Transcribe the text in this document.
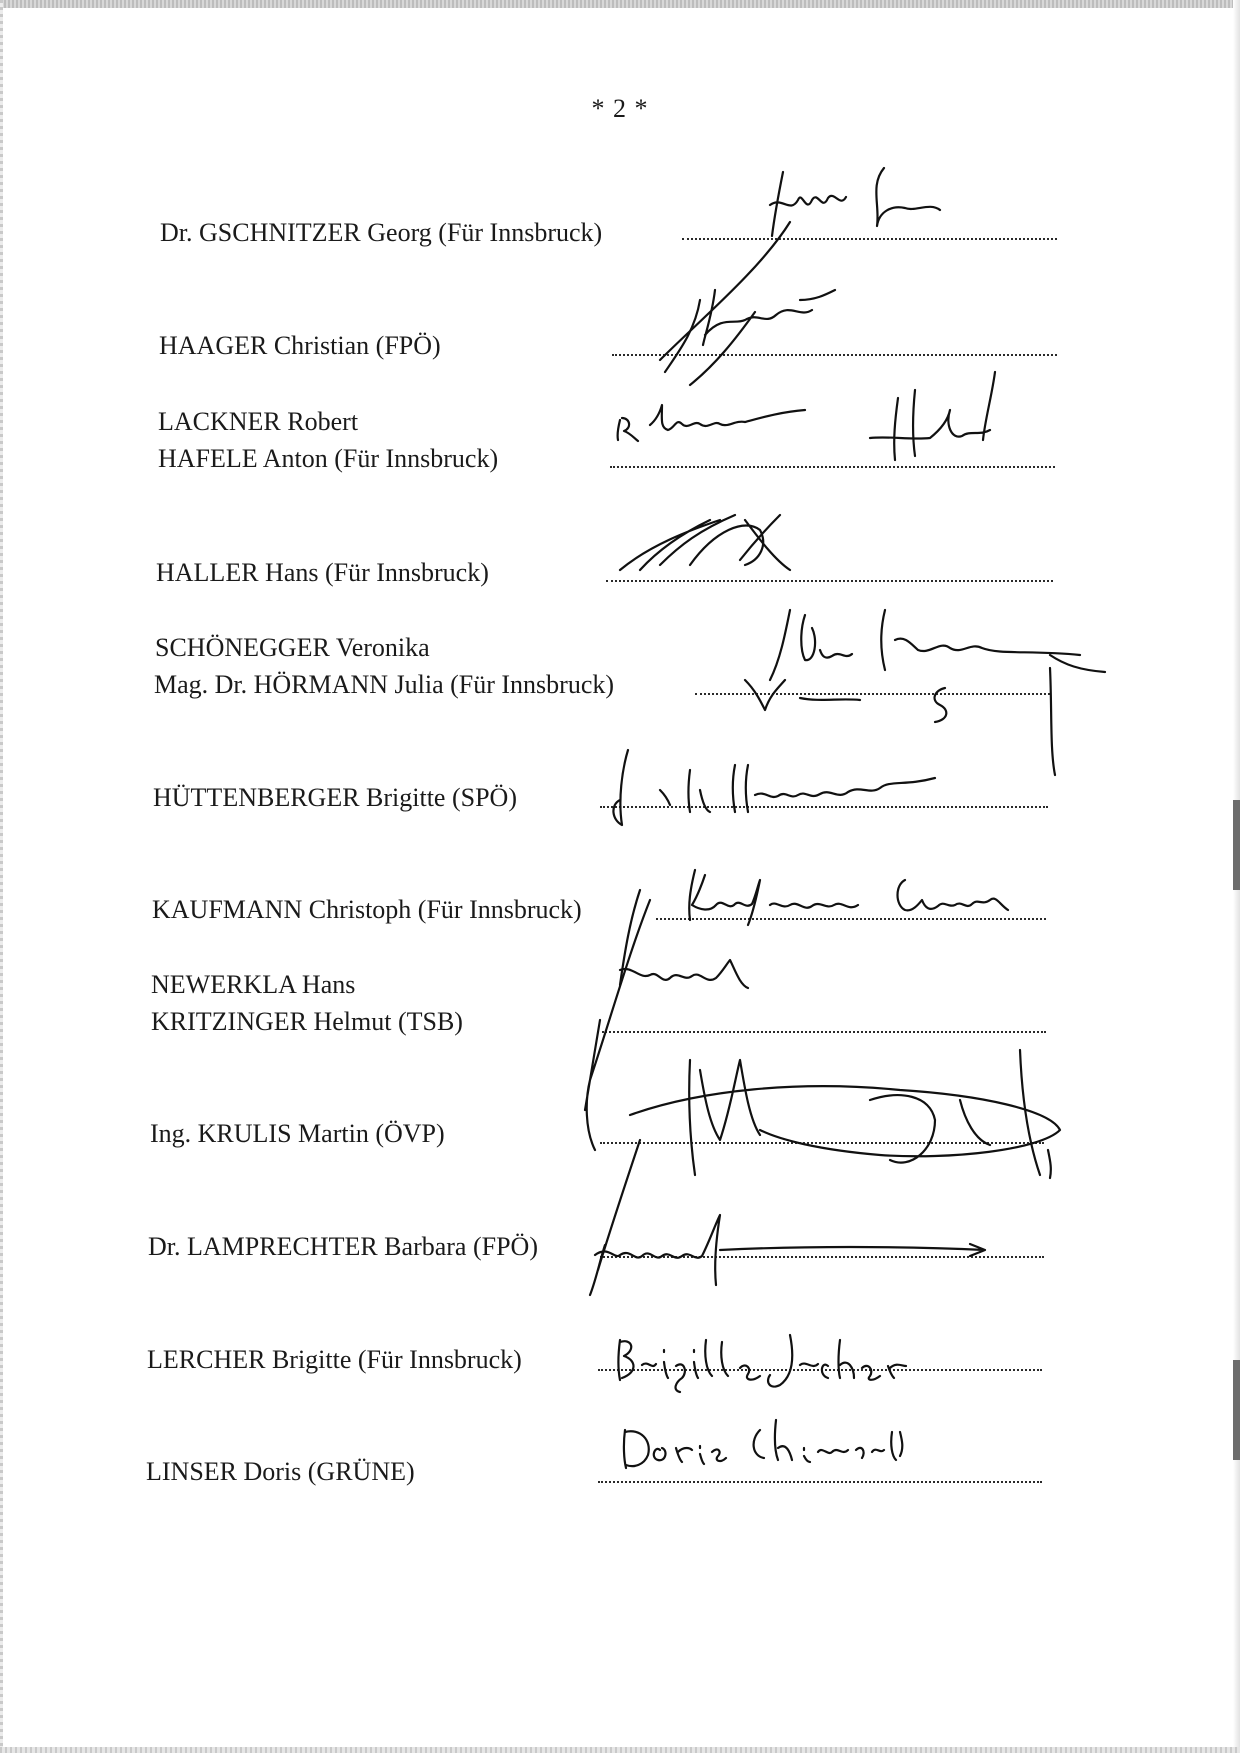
* 2 *
Dr. GSCHNITZER Georg (Für Innsbruck)
HAAGER Christian (FPÖ)
LACKNER Robert
HAFELE Anton (Für Innsbruck)
HALLER Hans (Für Innsbruck)
SCHÖNEGGER Veronika
Mag. Dr. HÖRMANN Julia (Für Innsbruck)
HÜTTENBERGER Brigitte (SPÖ)
KAUFMANN Christoph (Für Innsbruck)
NEWERKLA Hans
KRITZINGER Helmut (TSB)
Ing. KRULIS Martin (ÖVP)
Dr. LAMPRECHTER Barbara (FPÖ)
LERCHER Brigitte (Für Innsbruck)
LINSER Doris (GRÜNE)
